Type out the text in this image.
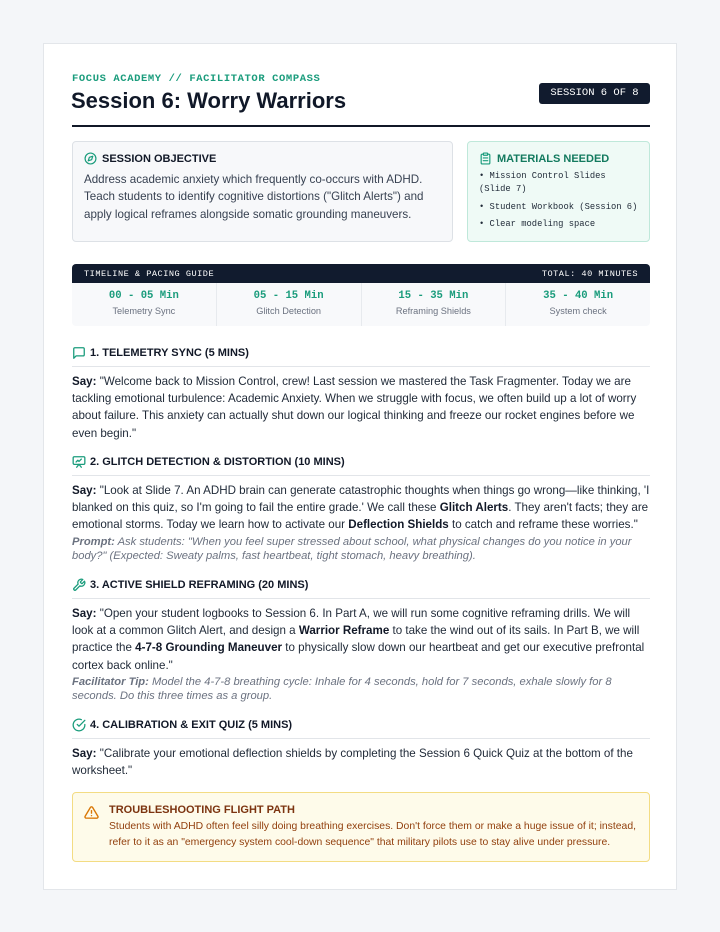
FOCUS ACADEMY // FACILITATOR COMPASS
Session 6: Worry Warriors	SESSION 6 OF 8
SESSION OBJECTIVE

Address academic anxiety which frequently co-occurs with ADHD. Teach students to identify cognitive distortions ("Glitch Alerts") and apply logical reframes alongside somatic grounding maneuvers.

MATERIALS NEEDED
• Mission Control Slides (Slide 7)
• Student Workbook (Session 6)
• Clear modeling space
TIMELINE & PACING GUIDE	TOTAL: 40 MINUTES
00 - 05 Min
Telemetry Sync
05 - 15 Min
Glitch Detection
15 - 35 Min
Reframing Shields
35 - 40 Min
System check
1. TELEMETRY SYNC (5 MINS)
Say: "Welcome back to Mission Control, crew! Last session we mastered the Task Fragmenter. Today we are tackling emotional turbulence: Academic Anxiety. When we struggle with focus, we often build up a lot of worry about failure. This anxiety can actually shut down our logical thinking and freeze our rocket engines before we even begin."
2. GLITCH DETECTION & DISTORTION (10 MINS)
Say: "Look at Slide 7. An ADHD brain can generate catastrophic thoughts when things go wrong—like thinking, 'I blanked on this quiz, so I'm going to fail the entire grade.' We call these Glitch Alerts. They aren't facts; they are emotional storms. Today we learn how to activate our Deflection Shields to catch and reframe these worries."
Prompt: Ask students: "When you feel super stressed about school, what physical changes do you notice in your body?" (Expected: Sweaty palms, fast heartbeat, tight stomach, heavy breathing).
3. ACTIVE SHIELD REFRAMING (20 MINS)
Say: "Open your student logbooks to Session 6. In Part A, we will run some cognitive reframing drills. We will look at a common Glitch Alert, and design a Warrior Reframe to take the wind out of its sails. In Part B, we will practice the 4-7-8 Grounding Maneuver to physically slow down our heartbeat and get our executive prefrontal cortex back online."
Facilitator Tip: Model the 4-7-8 breathing cycle: Inhale for 4 seconds, hold for 7 seconds, exhale slowly for 8 seconds. Do this three times as a group.
4. CALIBRATION & EXIT QUIZ (5 MINS)
Say: "Calibrate your emotional deflection shields by completing the Session 6 Quick Quiz at the bottom of the worksheet."
TROUBLESHOOTING FLIGHT PATH
Students with ADHD often feel silly doing breathing exercises. Don't force them or make a huge issue of it; instead, refer to it as an "emergency system cool-down sequence" that military pilots use to stay alive under pressure.
